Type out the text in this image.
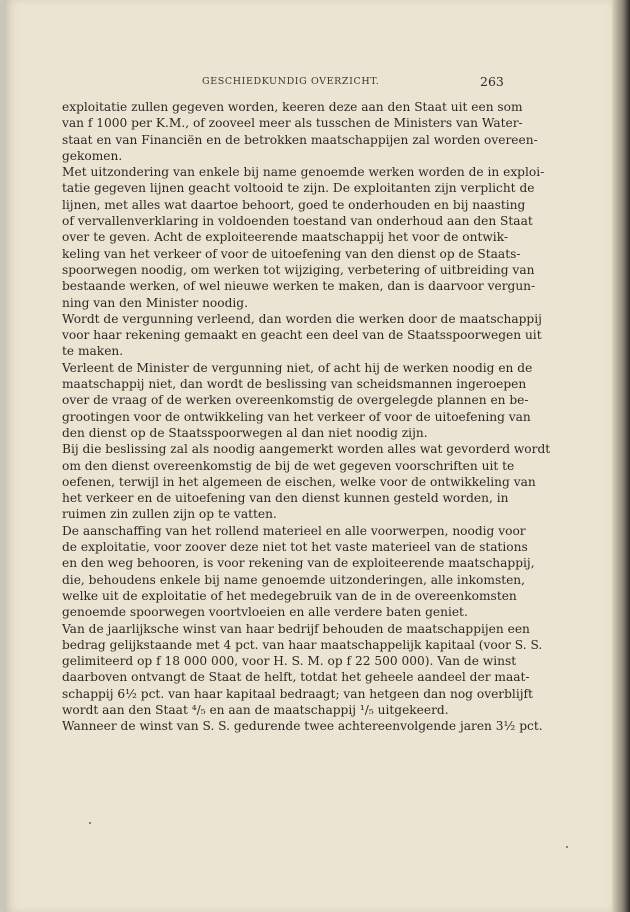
GESCHIEDKUNDIG OVERZICHT.	263
exploitatie zullen gegeven worden, keeren deze aan den Staat uit een som
van f 1000 per K.M., of zooveel meer als tusschen de Ministers van Water-
staat en van Financiën en de betrokken maatschappijen zal worden overeen-
gekomen.
Met uitzondering van enkele bij name genoemde werken worden de in exploi-
tatie gegeven lijnen geacht voltooid te zijn. De exploitanten zijn verplicht de
lijnen, met alles wat daartoe behoort, goed te onderhouden en bij naasting
of vervallenverklaring in voldoenden toestand van onderhoud aan den Staat
over te geven. Acht de exploiteerende maatschappij het voor de ontwik-
keling van het verkeer of voor de uitoefening van den dienst op de Staats-
spoorwegen noodig, om werken tot wijziging, verbetering of uitbreiding van
bestaande werken, of wel nieuwe werken te maken, dan is daarvoor vergun-
ning van den Minister noodig.
Wordt de vergunning verleend, dan worden die werken door de maatschappij
voor haar rekening gemaakt en geacht een deel van de Staatsspoorwegen uit
te maken.
Verleent de Minister de vergunning niet, of acht hij de werken noodig en de
maatschappij niet, dan wordt de beslissing van scheidsmannen ingeroepen
over de vraag of de werken overeenkomstig de overgelegde plannen en be-
grootingen voor de ontwikkeling van het verkeer of voor de uitoefening van
den dienst op de Staatsspoorwegen al dan niet noodig zijn.
Bij die beslissing zal als noodig aangemerkt worden alles wat gevorderd wordt
om den dienst overeenkomstig de bij de wet gegeven voorschriften uit te
oefenen, terwijl in het algemeen de eischen, welke voor de ontwikkeling van
het verkeer en de uitoefening van den dienst kunnen gesteld worden, in
ruimen zin zullen zijn op te vatten.
De aanschaffing van het rollend materieel en alle voorwerpen, noodig voor
de exploitatie, voor zoover deze niet tot het vaste materieel van de stations
en den weg behooren, is voor rekening van de exploiteerende maatschappij,
die, behoudens enkele bij name genoemde uitzonderingen, alle inkomsten,
welke uit de exploitatie of het medegebruik van de in de overeenkomsten
genoemde spoorwegen voortvloeien en alle verdere baten geniet.
Van de jaarlijksche winst van haar bedrijf behouden de maatschappijen een
bedrag gelijkstaande met 4 pct. van haar maatschappelijk kapitaal (voor S. S.
gelimiteerd op f 18 000 000, voor H. S. M. op f 22 500 000). Van de winst
daarboven ontvangt de Staat de helft, totdat het geheele aandeel der maat-
schappij 6½ pct. van haar kapitaal bedraagt; van hetgeen dan nog overblijft
wordt aan den Staat ⁴/₅ en aan de maatschappij ¹/₅ uitgekeerd.
Wanneer de winst van S. S. gedurende twee achtereenvolgende jaren 3½ pct.
